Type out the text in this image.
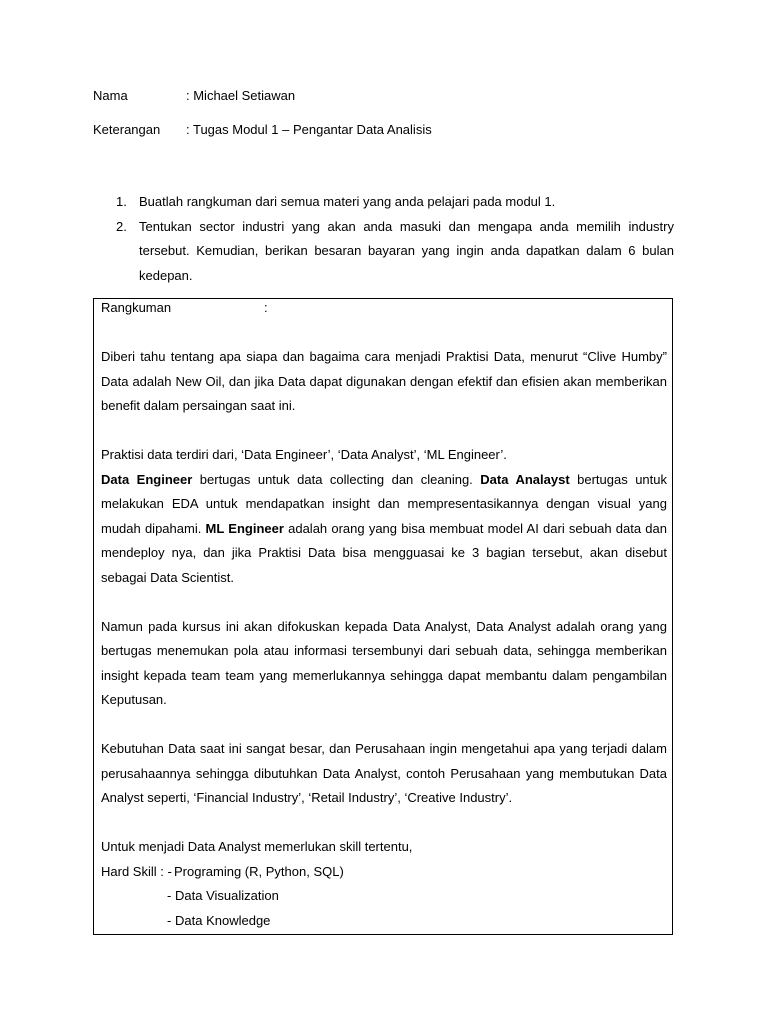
Nama	: Michael Setiawan
Keterangan : Tugas Modul 1 – Pengantar Data Analisis
1. Buatlah rangkuman dari semua materi yang anda pelajari pada modul 1.
2. Tentukan sector industri yang akan anda masuki dan mengapa anda memilih industry tersebut. Kemudian, berikan besaran bayaran yang ingin anda dapatkan dalam 6 bulan kedepan.
Rangkuman	:

Diberi tahu tentang apa siapa dan bagaima cara menjadi Praktisi Data, menurut “Clive Humby” Data adalah New Oil, dan jika Data dapat digunakan dengan efektif dan efisien akan memberikan benefit dalam persaingan saat ini.

Praktisi data terdiri dari, ‘Data Engineer’, ‘Data Analyst’, ‘ML Engineer’.

Data Engineer bertugas untuk data collecting dan cleaning. Data Analayst bertugas untuk melakukan EDA untuk mendapatkan insight dan mempresentasikannya dengan visual yang mudah dipahami. ML Engineer adalah orang yang bisa membuat model AI dari sebuah data dan mendeploy nya, dan jika Praktisi Data bisa mengguasai ke 3 bagian tersebut, akan disebut sebagai Data Scientist.

Namun pada kursus ini akan difokuskan kepada Data Analyst, Data Analyst adalah orang yang bertugas menemukan pola atau informasi tersembunyi dari sebuah data, sehingga memberikan insight kepada team team yang memerlukannya sehingga dapat membantu dalam pengambilan Keputusan.

Kebutuhan Data saat ini sangat besar, dan Perusahaan ingin mengetahui apa yang terjadi dalam perusahaannya sehingga dibutuhkan Data Analyst, contoh Perusahaan yang membutukan Data Analyst seperti, ‘Financial Industry’, ‘Retail Industry’, ‘Creative Industry’.

Untuk menjadi Data Analyst memerlukan skill tertentu,

Hard Skill : - Programing (R, Python, SQL)
- Data Visualization
- Data Knowledge
